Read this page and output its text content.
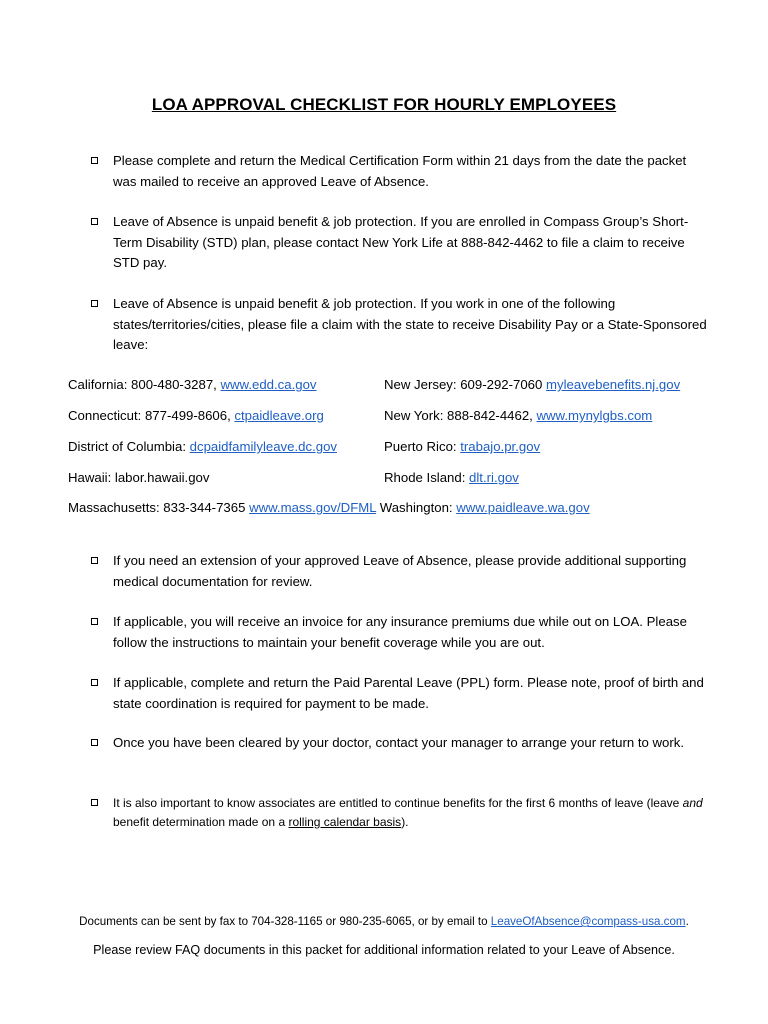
LOA APPROVAL CHECKLIST FOR HOURLY EMPLOYEES
Please complete and return the Medical Certification Form within 21 days from the date the packet was mailed to receive an approved Leave of Absence.
Leave of Absence is unpaid benefit & job protection. If you are enrolled in Compass Group’s Short-Term Disability (STD) plan, please contact New York Life at 888-842-4462 to file a claim to receive STD pay.
Leave of Absence is unpaid benefit & job protection. If you work in one of the following states/territories/cities, please file a claim with the state to receive Disability Pay or a State-Sponsored leave:
California: 800-480-3287, www.edd.ca.gov	New Jersey: 609-292-7060 myleavebenefits.nj.gov
Connecticut: 877-499-8606, ctpaidleave.org	New York: 888-842-4462, www.mynylgbs.com
District of Columbia: dcpaidfamilyleave.dc.gov	Puerto Rico: trabajo.pr.gov
Hawaii: labor.hawaii.gov	Rhode Island: dlt.ri.gov
Massachusetts: 833-344-7365 www.mass.gov/DFML Washington: www.paidleave.wa.gov
If you need an extension of your approved Leave of Absence, please provide additional supporting medical documentation for review.
If applicable, you will receive an invoice for any insurance premiums due while out on LOA. Please follow the instructions to maintain your benefit coverage while you are out.
If applicable, complete and return the Paid Parental Leave (PPL) form. Please note, proof of birth and state coordination is required for payment to be made.
Once you have been cleared by your doctor, contact your manager to arrange your return to work.
It is also important to know associates are entitled to continue benefits for the first 6 months of leave (leave and benefit determination made on a rolling calendar basis).
Documents can be sent by fax to 704-328-1165 or 980-235-6065, or by email to LeaveOfAbsence@compass-usa.com.
Please review FAQ documents in this packet for additional information related to your Leave of Absence.
